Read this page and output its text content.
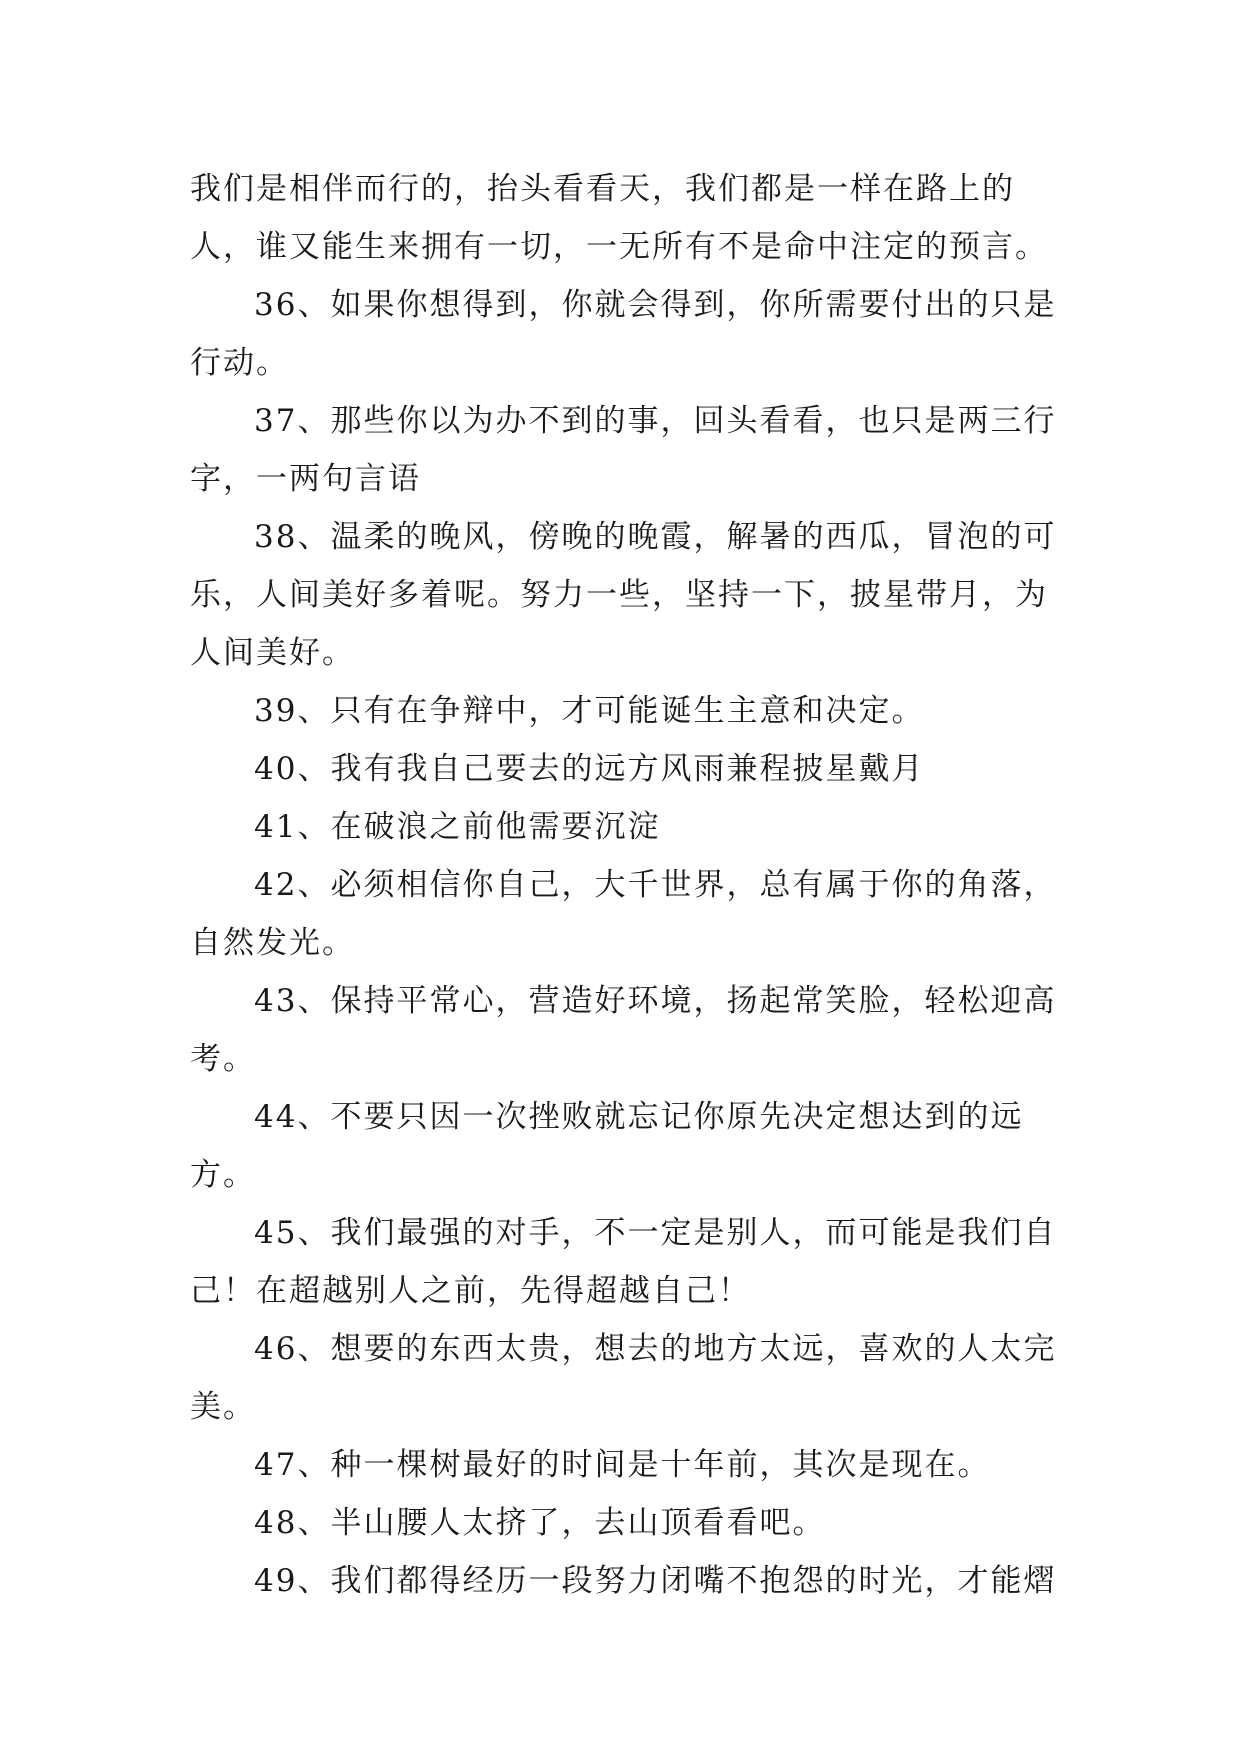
我们是相伴而行的，抬头看看天，我们都是一样在路上的人，谁又能生来拥有一切，一无所有不是命中注定的预言。

36、如果你想得到，你就会得到，你所需要付出的只是行动。

37、那些你以为办不到的事，回头看看，也只是两三行字，一两句言语

38、温柔的晚风，傍晚的晚霞，解暑的西瓜，冒泡的可乐，人间美好多着呢。努力一些，坚持一下，披星带月，为人间美好。

39、只有在争辩中，才可能诞生主意和决定。

40、我有我自己要去的远方风雨兼程披星戴月

41、在破浪之前他需要沉淀

42、必须相信你自己，大千世界，总有属于你的角落，自然发光。

43、保持平常心，营造好环境，扬起常笑脸，轻松迎高考。

44、不要只因一次挫败就忘记你原先决定想达到的远方。

45、我们最强的对手，不一定是别人，而可能是我们自己！在超越别人之前，先得超越自己！

46、想要的东西太贵，想去的地方太远，喜欢的人太完美。

47、种一棵树最好的时间是十年前，其次是现在。

48、半山腰人太挤了，去山顶看看吧。

49、我们都得经历一段努力闭嘴不抱怨的时光，才能熠
